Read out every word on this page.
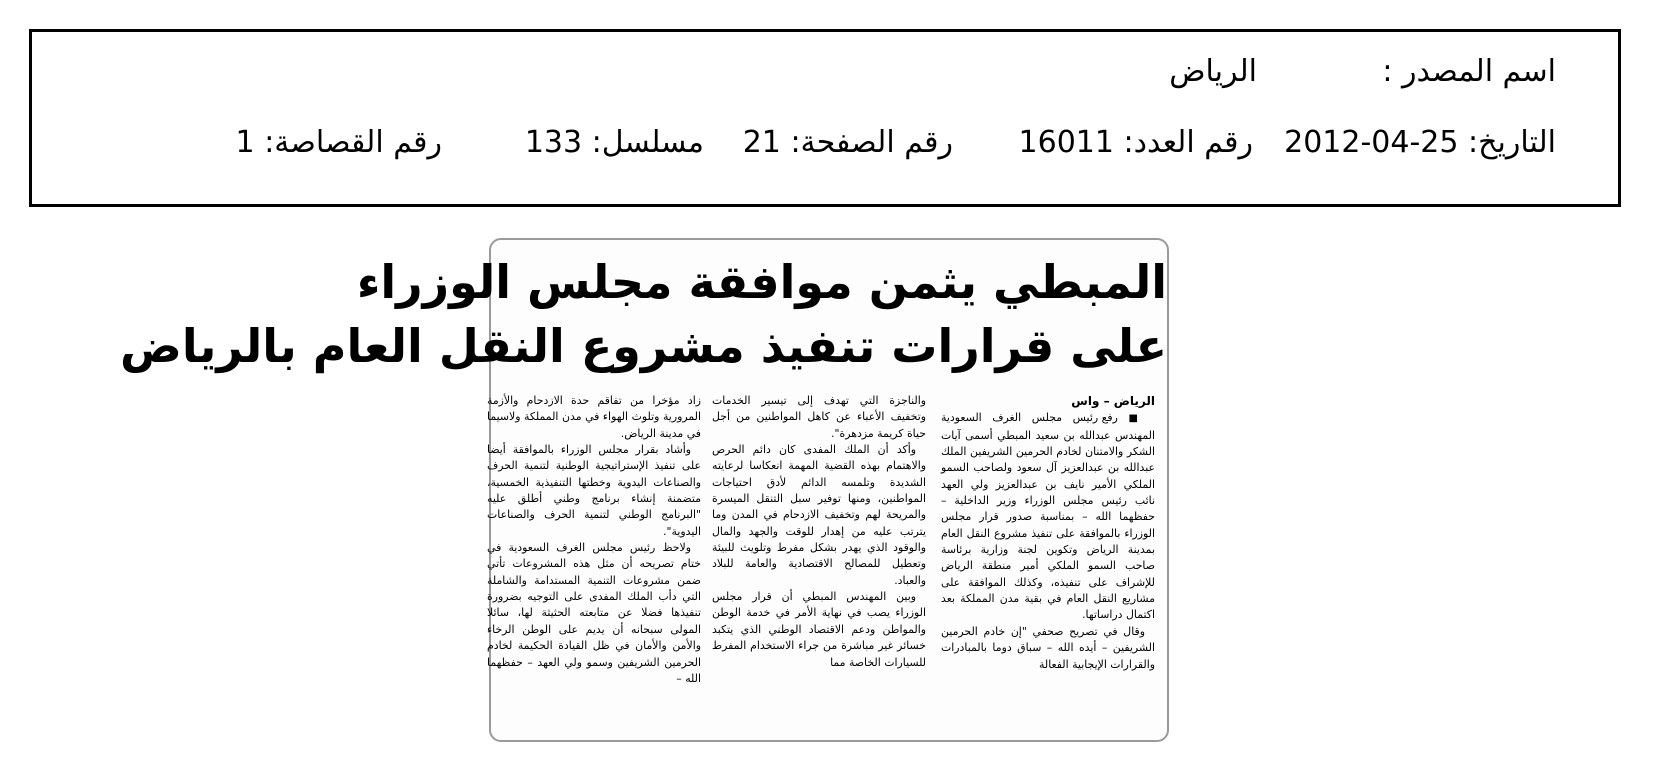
اسم المصدر :
الرياض
التاريخ: 2012-04-25
رقم العدد: 16011
رقم الصفحة: 21
مسلسل: 133
رقم القصاصة: 1
المبطي يثمن موافقة مجلس الوزراء
على قرارات تنفيذ مشروع النقل العام بالرياض
الرياض – واس

■ رفع رئيس مجلس الغرف السعودية المهندس عبدالله بن سعيد المبطي أسمى آيات الشكر والامتنان لخادم الحرمين الشريفين الملك عبدالله بن عبدالعزيز آل سعود ولصاحب السمو الملكي الأمير نايف بن عبدالعزيز ولي العهد نائب رئيس مجلس الوزراء وزير الداخلية – حفظهما الله – بمناسبة صدور قرار مجلس الوزراء بالموافقة على تنفيذ مشروع النقل العام بمدينة الرياض وتكوين لجنة وزارية برئاسة صاحب السمو الملكي أمير منطقة الرياض للإشراف على تنفيذه، وكذلك الموافقة على مشاريع النقل العام في بقية مدن المملكة بعد اكتمال دراساتها.

وقال في تصريح صحفي "إن خادم الحرمين الشريفين – أيده الله – سباق دوما بالمبادرات والقرارات الإيجابية الفعالة

والناجزة التي تهدف إلى تيسير الخدمات وتخفيف الأعباء عن كاهل المواطنين من أجل حياة كريمة مزدهرة".

وأكد أن الملك المفدى كان دائم الحرص والاهتمام بهذه القضية المهمة انعكاسا لرعايته الشديدة وتلمسه الدائم لأدق احتياجات المواطنين، ومنها توفير سبل التنقل الميسرة والمريحة لهم وتخفيف الازدحام في المدن وما يترتب عليه من إهدار للوقت والجهد والمال والوقود الذي يهدر بشكل مفرط وتلويث للبيئة وتعطيل للمصالح الاقتصادية والعامة للبلاد والعباد.

وبين المهندس المبطي أن قرار مجلس الوزراء يصب في نهاية الأمر في خدمة الوطن والمواطن ودعم الاقتصاد الوطني الذي يتكبد خسائر غير مباشرة من جراء الاستخدام المفرط للسيارات الخاصة مما

زاد مؤخرا من تفاقم حدة الازدحام والأزمة المرورية وتلوث الهواء في مدن المملكة ولاسيما في مدينة الرياض.

وأشاد بقرار مجلس الوزراء بالموافقة أيضا على تنفيذ الإستراتيجية الوطنية لتنمية الحرف والصناعات اليدوية وخطتها التنفيذية الخمسية، متضمنة إنشاء برنامج وطني أطلق عليه "البرنامج الوطني لتنمية الحرف والصناعات اليدوية".

ولاحظ رئيس مجلس الغرف السعودية في ختام تصريحه أن مثل هذه المشروعات تأتي ضمن مشروعات التنمية المستدامة والشاملة التي دأب الملك المفدى على التوجيه بضرورة تنفيذها فضلا عن متابعته الحثيثة لها، سائلا المولى سبحانه أن يديم على الوطن الرخاء والأمن والأمان في ظل القيادة الحكيمة لخادم الحرمين الشريفين وسمو ولي العهد – حفظهما الله –
